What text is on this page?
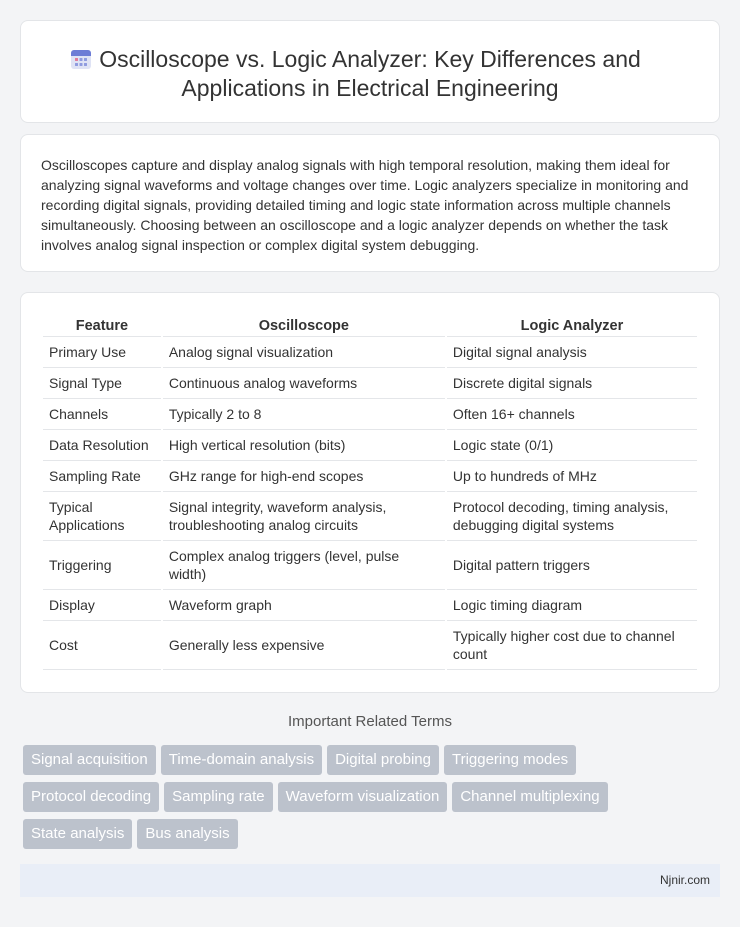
Oscilloscope vs. Logic Analyzer: Key Differences and Applications in Electrical Engineering

Oscilloscopes capture and display analog signals with high temporal resolution, making them ideal for analyzing signal waveforms and voltage changes over time. Logic analyzers specialize in monitoring and recording digital signals, providing detailed timing and logic state information across multiple channels simultaneously. Choosing between an oscilloscope and a logic analyzer depends on whether the task involves analog signal inspection or complex digital system debugging.

Feature	Oscilloscope	Logic Analyzer
Primary Use	Analog signal visualization	Digital signal analysis
Signal Type	Continuous analog waveforms	Discrete digital signals
Channels	Typically 2 to 8	Often 16+ channels
Data Resolution	High vertical resolution (bits)	Logic state (0/1)
Sampling Rate	GHz range for high-end scopes	Up to hundreds of MHz
Typical Applications	Signal integrity, waveform analysis, troubleshooting analog circuits	Protocol decoding, timing analysis, debugging digital systems
Triggering	Complex analog triggers (level, pulse width)	Digital pattern triggers
Display	Waveform graph	Logic timing diagram
Cost	Generally less expensive	Typically higher cost due to channel count
Important Related Terms
Signal acquisition Time-domain analysis Digital probing Triggering modes
Protocol decoding Sampling rate Waveform visualization Channel multiplexing
State analysis Bus analysis
Njnir.com
